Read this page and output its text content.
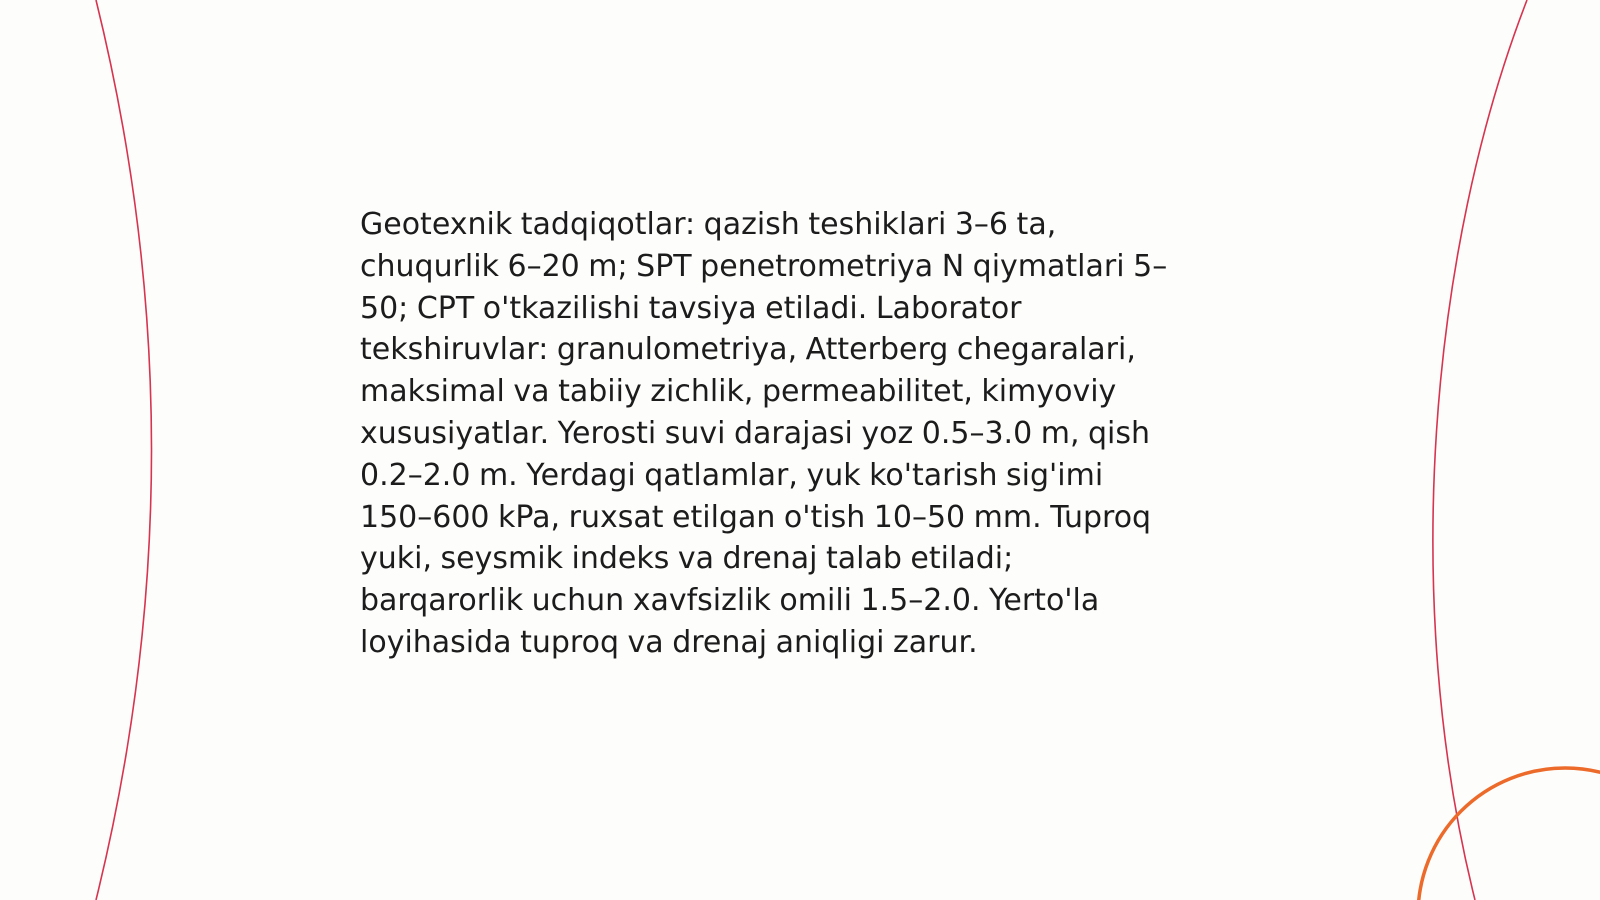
Geotexnik tadqiqotlar: qazish teshiklari 3–6 ta,
chuqurlik 6–20 m; SPT penetrometriya N qiymatlari 5–
50; CPT o'tkazilishi tavsiya etiladi. Laborator
tekshiruvlar: granulometriya, Atterberg chegaralari,
maksimal va tabiiy zichlik, permeabilitet, kimyoviy
xususiyatlar. Yerosti suvi darajasi yoz 0.5–3.0 m, qish
0.2–2.0 m. Yerdagi qatlamlar, yuk ko'tarish sig'imi
150–600 kPa, ruxsat etilgan o'tish 10–50 mm. Tuproq
yuki, seysmik indeks va drenaj talab etiladi;
barqarorlik uchun xavfsizlik omili 1.5–2.0. Yerto'la
loyihasida tuproq va drenaj aniqligi zarur.
